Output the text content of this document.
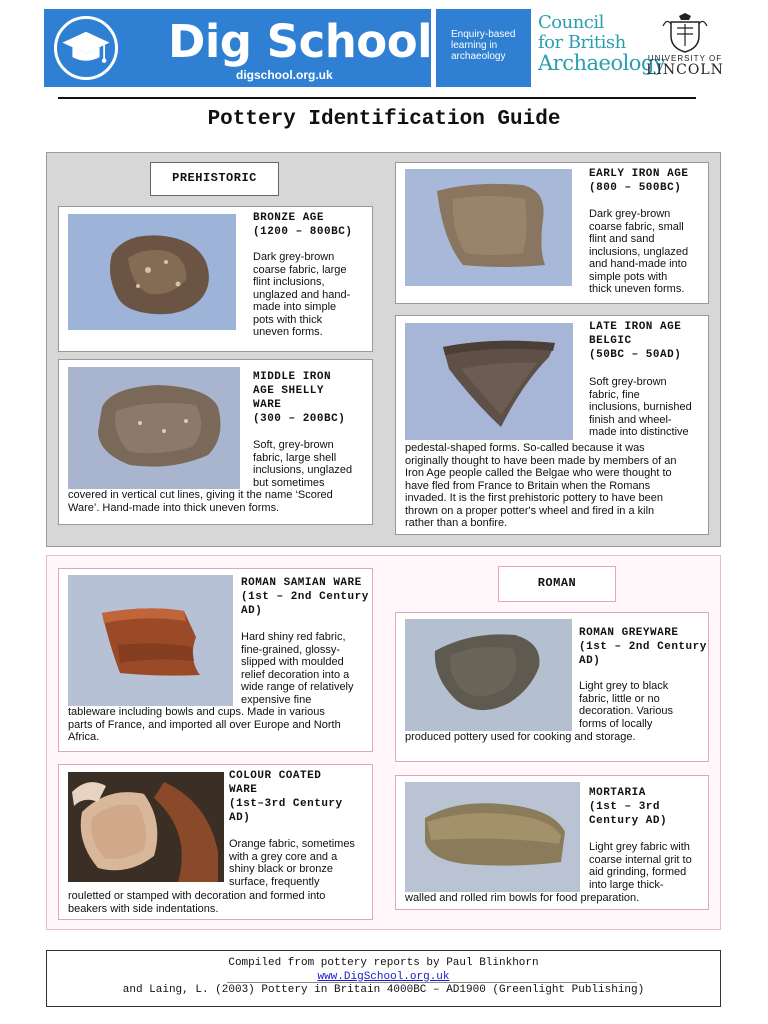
Dig School
digschool.org.uk
Enquiry-based
learning in
archaeology
Council
for British
Archaeology
UNIVERSITY OF
LINCOLN
Pottery Identification Guide
PREHISTORIC
BRONZE AGE
(1200 – 800BC)
Dark grey-brown
coarse fabric, large
flint inclusions,
unglazed and hand-
made into simple
pots with thick
uneven forms.
EARLY IRON AGE
(800 – 500BC)
Dark grey-brown
coarse fabric, small
flint and sand
inclusions, unglazed
and hand-made into
simple pots with
thick uneven forms.
MIDDLE IRON
AGE SHELLY
WARE
(300 – 200BC)
Soft, grey-brown
fabric, large shell
inclusions, unglazed
but sometimes
covered in vertical cut lines, giving it the name ‘Scored
Ware’. Hand-made into thick uneven forms.
LATE IRON AGE
BELGIC
(50BC – 50AD)
Soft grey-brown
fabric, fine
inclusions, burnished
finish and wheel-
made into distinctive
pedestal-shaped forms. So-called because it was
originally thought to have been made by members of an
Iron Age people called the Belgae who were thought to
have fled from France to Britain when the Romans
invaded. It is the first prehistoric pottery to have been
thrown on a proper potter's wheel and fired in a kiln
rather than a bonfire.
ROMAN
ROMAN SAMIAN WARE
(1st – 2nd Century
AD)
Hard shiny red fabric,
fine-grained, glossy-
slipped with moulded
relief decoration into a
wide range of relatively
expensive fine
tableware including bowls and cups. Made in various
parts of France, and imported all over Europe and North
Africa.
ROMAN GREYWARE
(1st – 2nd Century
AD)
Light grey to black
fabric, little or no
decoration. Various
forms of locally
produced pottery used for cooking and storage.
COLOUR COATED
WARE
(1st–3rd Century
AD)
Orange fabric, sometimes
with a grey core and a
shiny black or bronze
surface, frequently
rouletted or stamped with decoration and formed into
beakers with side indentations.
MORTARIA
(1st – 3rd
Century AD)
Light grey fabric with
coarse internal grit to
aid grinding, formed
into large thick-
walled and rolled rim bowls for food preparation.
Compiled from pottery reports by Paul Blinkhorn
www.DigSchool.org.uk
and Laing, L. (2003) Pottery in Britain 4000BC – AD1900 (Greenlight Publishing)
